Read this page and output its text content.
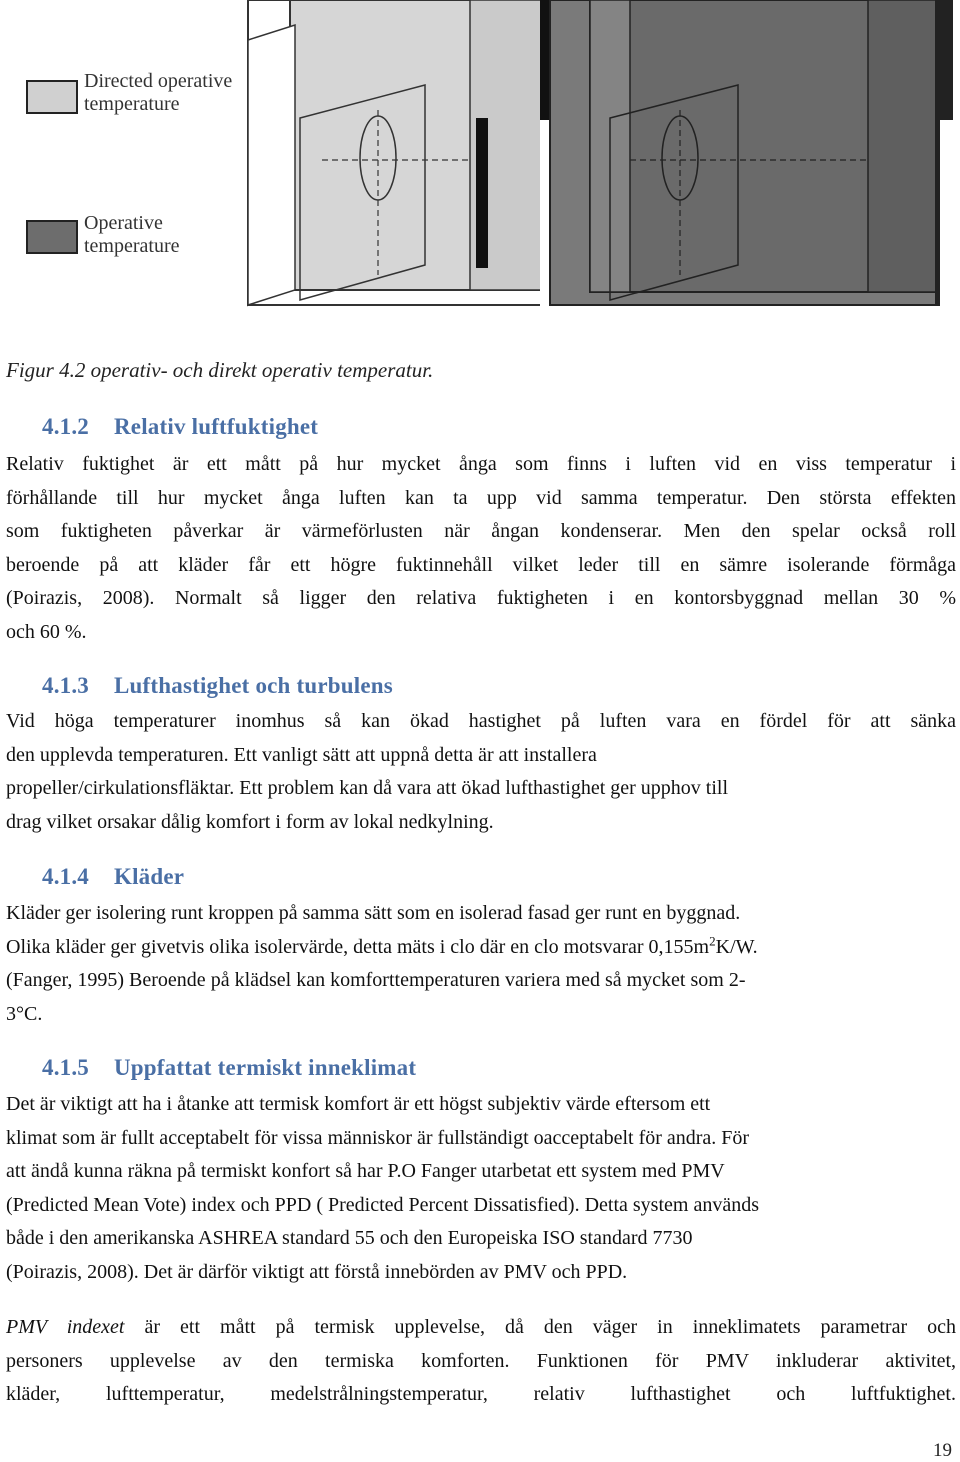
Directed operative temperature
Operative temperature
Figur 4.2 operativ- och direkt operativ temperatur.
4.1.2 Relativ luftfuktighet
Relativ fuktighet är ett mått på hur mycket ånga som finns i luften vid en viss temperatur i
förhållande till hur mycket ånga luften kan ta upp vid samma temperatur. Den största effekten
som fuktigheten påverkar är värmeförlusten när ångan kondenserar. Men den spelar också roll
beroende på att kläder får ett högre fuktinnehåll vilket leder till en sämre isolerande förmåga
(Poirazis, 2008). Normalt så ligger den relativa fuktigheten i en kontorsbyggnad mellan 30 %
och 60 %.
4.1.3 Lufthastighet och turbulens
Vid höga temperaturer inomhus så kan ökad hastighet på luften vara en fördel för att sänka
den upplevda temperaturen. Ett vanligt sätt att uppnå detta är att installera
propeller/cirkulationsfläktar. Ett problem kan då vara att ökad lufthastighet ger upphov till
drag vilket orsakar dålig komfort i form av lokal nedkylning.
4.1.4 Kläder
Kläder ger isolering runt kroppen på samma sätt som en isolerad fasad ger runt en byggnad.
Olika kläder ger givetvis olika isolervärde, detta mäts i clo där en clo motsvarar $0,155m^2K/W$.
(Fanger, 1995) Beroende på klädsel kan komforttemperaturen variera med så mycket som 2-
3°C.
4.1.5 Uppfattat termiskt inneklimat
Det är viktigt att ha i åtanke att termisk komfort är ett högst subjektiv värde eftersom ett
klimat som är fullt acceptabelt för vissa människor är fullständigt oacceptabelt för andra. För
att ändå kunna räkna på termiskt konfort så har P.O Fanger utarbetat ett system med PMV
(Predicted Mean Vote) index och PPD ( Predicted Percent Dissatisfied). Detta system används
både i den amerikanska ASHREA standard 55 och den Europeiska ISO standard 7730
(Poirazis, 2008). Det är därför viktigt att förstå innebörden av PMV och PPD.
PMV indexet är ett mått på termisk upplevelse, då den väger in inneklimatets parametrar och
personers upplevelse av den termiska komforten. Funktionen för PMV inkluderar aktivitet,
kläder, lufttemperatur, medelstrålningstemperatur, relativ lufthastighet och luftfuktighet.
19
